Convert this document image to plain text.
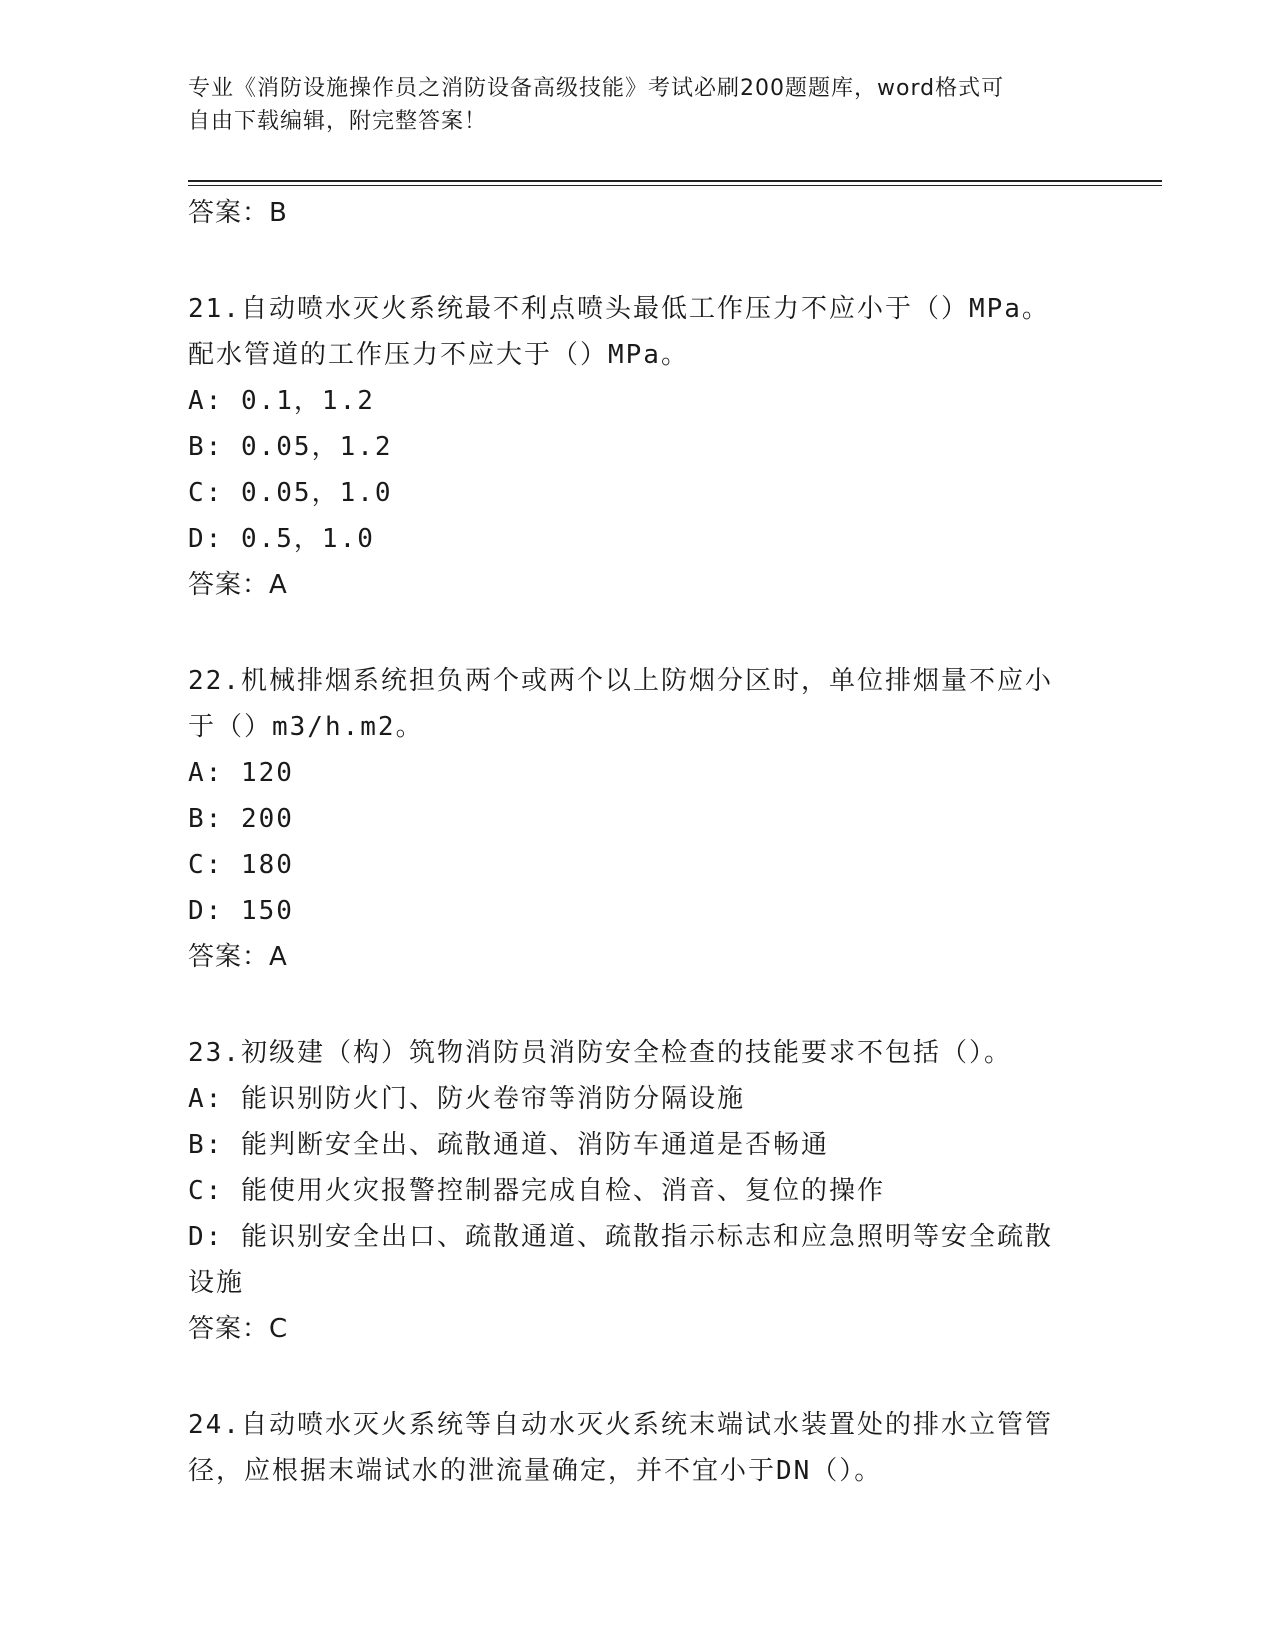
专业《消防设施操作员之消防设备高级技能》考试必刷200题题库，word格式可
自由下载编辑，附完整答案！
答案：B
21.自动喷水灭火系统最不利点喷头最低工作压力不应小于（）MPa。
配水管道的工作压力不应大于（）MPa。
A: 0.1，1.2
B: 0.05，1.2
C: 0.05，1.0
D: 0.5，1.0
答案：A
22.机械排烟系统担负两个或两个以上防烟分区时，单位排烟量不应小
于（）m3/h.m2。
A: 120
B: 200
C: 180
D: 150
答案：A
23.初级建（构）筑物消防员消防安全检查的技能要求不包括（）。
A: 能识别防火门、防火卷帘等消防分隔设施
B: 能判断安全出、疏散通道、消防车通道是否畅通
C: 能使用火灾报警控制器完成自检、消音、复位的操作
D: 能识别安全出口、疏散通道、疏散指示标志和应急照明等安全疏散
设施
答案：C
24.自动喷水灭火系统等自动水灭火系统末端试水装置处的排水立管管
径，应根据末端试水的泄流量确定，并不宜小于DN（）。
